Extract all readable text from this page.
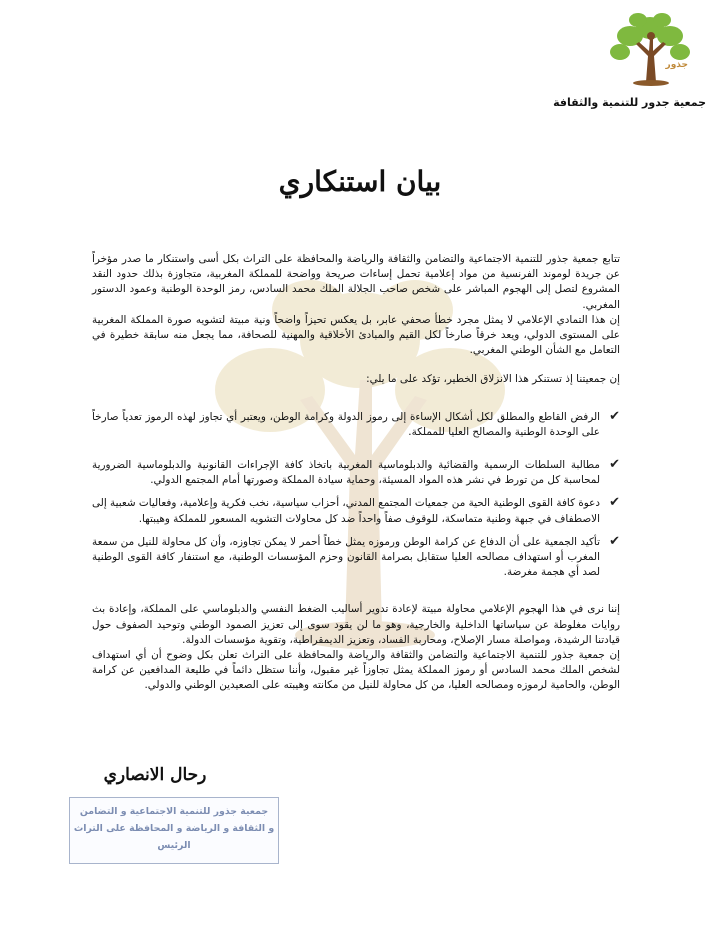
جذور
جمعية جدور للتنمية والثقافة
بيان استنكاري

تتابع جمعية جذور للتنمية الاجتماعية والتضامن والثقافة والرياضة والمحافظة على التراث بكل أسى واستنكار ما صدر مؤخراً عن جريدة لوموند الفرنسية من مواد إعلامية تحمل إساءات صريحة وواضحة للمملكة المغربية، متجاوزة بذلك حدود النقد المشروع لتصل إلى الهجوم المباشر على شخص صاحب الجلالة الملك محمد السادس، رمز الوحدة الوطنية وعمود الدستور المغربي.

إن هذا التمادي الإعلامي لا يمثل مجرد خطأ صحفي عابر، بل يعكس تحيزاً واضحاً ونية مبيتة لتشويه صورة المملكة المغربية على المستوى الدولي، ويعد خرقاً صارخاً لكل القيم والمبادئ الأخلاقية والمهنية للصحافة، مما يجعل منه سابقة خطيرة في التعامل مع الشأن الوطني المغربي.

إن جمعيتنا إذ تستنكر هذا الانزلاق الخطير، تؤكد على ما يلي:

✔
الرفض القاطع والمطلق لكل أشكال الإساءة إلى رموز الدولة وكرامة الوطن، ويعتبر أي تجاوز لهذه الرموز تعدياً صارخاً على الوحدة الوطنية والمصالح العليا للمملكة.
✔
مطالبة السلطات الرسمية والقضائية والدبلوماسية المغربية باتخاذ كافة الإجراءات القانونية والدبلوماسية الضرورية لمحاسبة كل من تورط في نشر هذه المواد المسيئة، وحماية سيادة المملكة وصورتها أمام المجتمع الدولي.
✔
دعوة كافة القوى الوطنية الحية من جمعيات المجتمع المدني، أحزاب سياسية، نخب فكرية وإعلامية، وفعاليات شعبية إلى الاصطفاف في جبهة وطنية متماسكة، للوقوف صفاً واحداً ضد كل محاولات التشويه المسعور للمملكة وهيبتها.
✔
تأكيد الجمعية على أن الدفاع عن كرامة الوطن ورموزه يمثل خطاً أحمر لا يمكن تجاوزه، وأن كل محاولة للنيل من سمعة المغرب أو استهداف مصالحه العليا ستقابل بصرامة القانون وحزم المؤسسات الوطنية، مع استنفار كافة القوى الوطنية لصد أي هجمة مغرضة.

إننا نرى في هذا الهجوم الإعلامي محاولة مبيتة لإعادة تدوير أساليب الضغط النفسي والدبلوماسي على المملكة، وإعادة بث روايات مغلوطة عن سياساتها الداخلية والخارجية، وهو ما لن يقود سوى إلى تعزيز الصمود الوطني وتوحيد الصفوف حول قيادتنا الرشيدة، ومواصلة مسار الإصلاح، ومحاربة الفساد، وتعزيز الديمقراطية، وتقوية مؤسسات الدولة.

إن جمعية جذور للتنمية الاجتماعية والتضامن والثقافة والرياضة والمحافظة على التراث تعلن بكل وضوح أن أي استهداف لشخص الملك محمد السادس أو رموز المملكة يمثل تجاوزاً غير مقبول، وأننا ستظل دائماً في طليعة المدافعين عن كرامة الوطن، والحامية لرموزه ومصالحه العليا، من كل محاولة للنيل من مكانته وهيبته على الصعيدين الوطني والدولي.

رحال الانصاري
جمعية جذور للتنمية الاجتماعية و التضامن
و الثقافة و الرياضة و المحافظة على التراث
الرئيس
